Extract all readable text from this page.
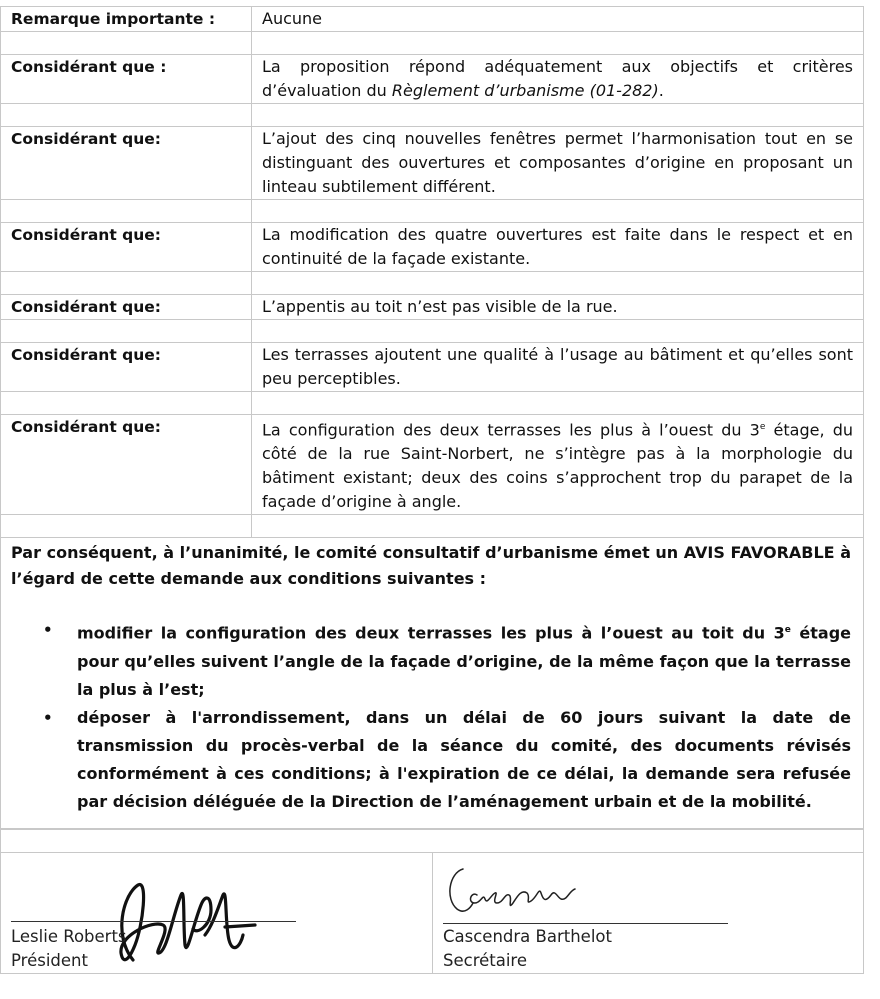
Remarque importante :	Aucune

Considérant que :	La proposition répond adéquatement aux objectifs et critères d’évaluation du Règlement d’urbanisme (01-282).

Considérant que:	L’ajout des cinq nouvelles fenêtres permet l’harmonisation tout en se distinguant des ouvertures et composantes d’origine en proposant un linteau subtilement différent.

Considérant que:	La modification des quatre ouvertures est faite dans le respect et en continuité de la façade existante.

Considérant que:	L’appentis au toit n’est pas visible de la rue.

Considérant que:	Les terrasses ajoutent une qualité à l’usage au bâtiment et qu’elles sont peu perceptibles.

Considérant que:	La configuration des deux terrasses les plus à l’ouest du 3e étage, du côté de la rue Saint-Norbert, ne s’intègre pas à la morphologie du bâtiment existant; deux des coins s’approchent trop du parapet de la façade d’origine à angle.

Par conséquent, à l’unanimité, le comité consultatif d’urbanisme émet un AVIS FAVORABLE à l’égard de cette demande aux conditions suivantes :

• modifier la configuration des deux terrasses les plus à l’ouest au toit du 3e étage pour qu’elles suivent l’angle de la façade d’origine, de la même façon que la terrasse la plus à l’est;
• déposer à l'arrondissement, dans un délai de 60 jours suivant la date de transmission du procès-verbal de la séance du comité, des documents révisés conformément à ces conditions; à l'expiration de ce délai, la demande sera refusée par décision déléguée de la Direction de l’aménagement urbain et de la mobilité.
Leslie Roberts
Président
Cascendra Barthelot
Secrétaire
